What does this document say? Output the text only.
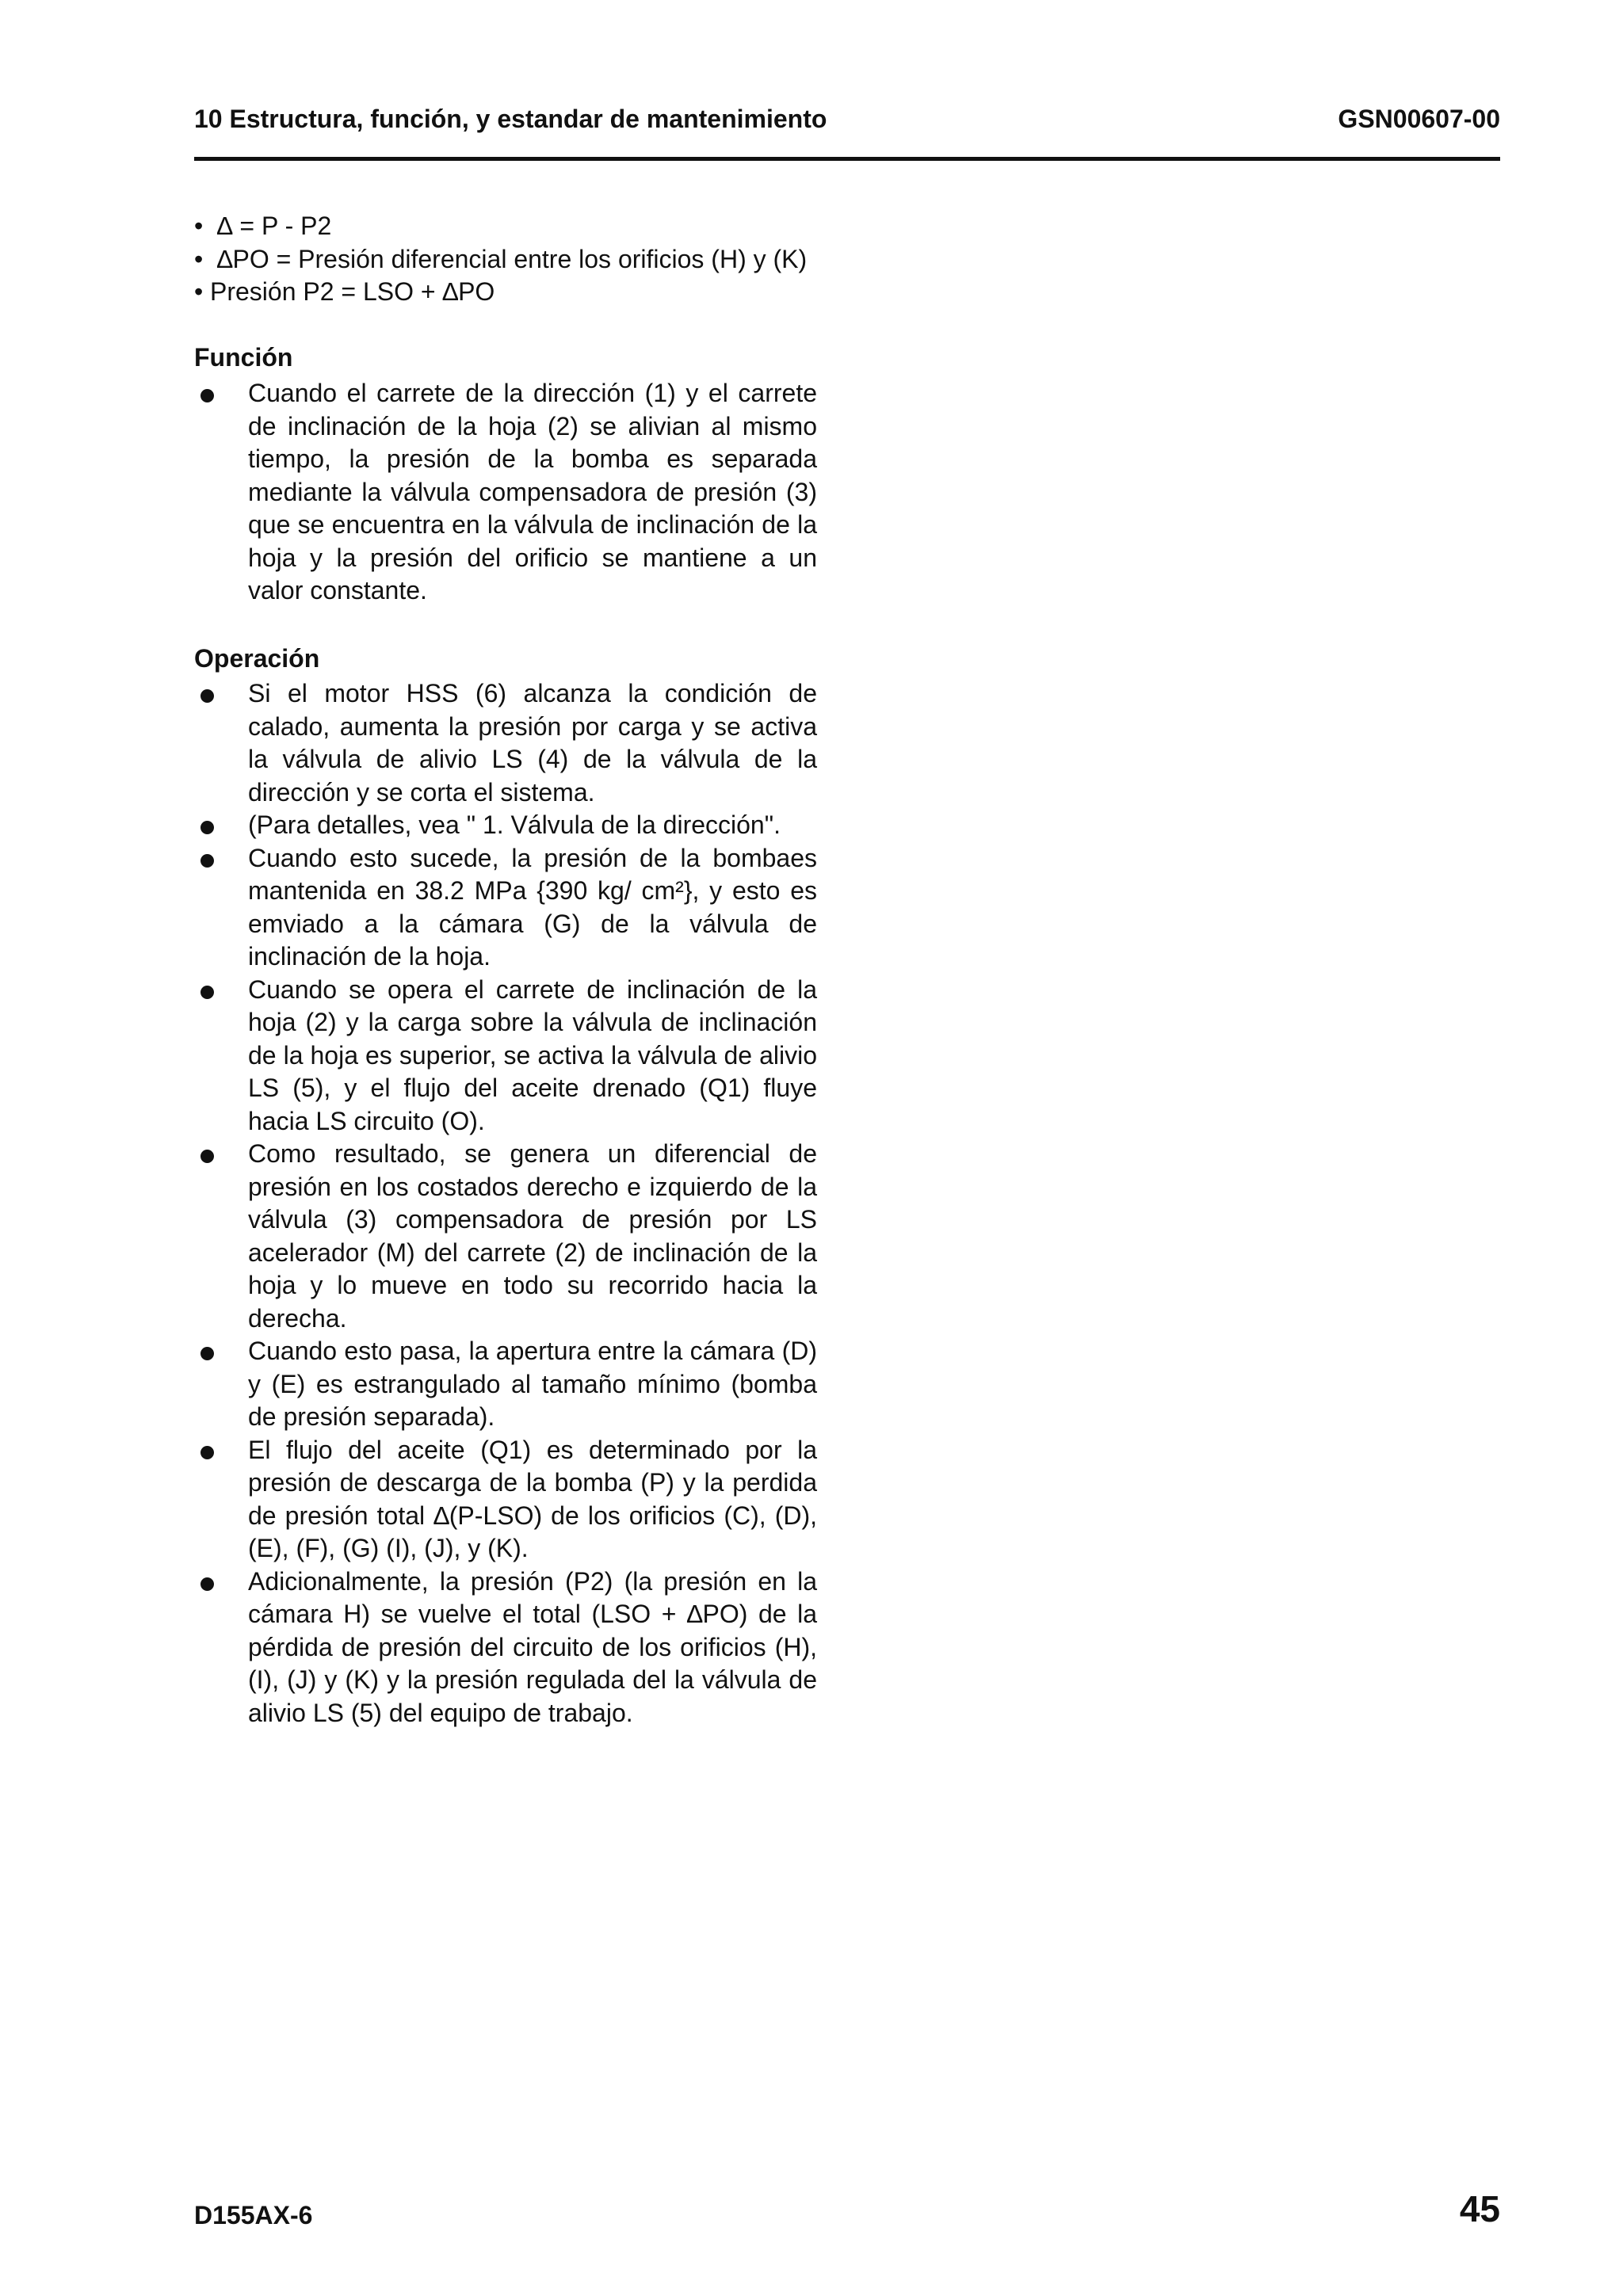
10 Estructura, función, y estandar de mantenimiento	GSN00607-00
• ∆ = P - P2
• ∆PO = Presión diferencial entre los orificios (H) y (K)
• Presión P2 = LSO + ∆PO
Función
Cuando el carrete de la dirección (1) y el carrete de inclinación de la hoja (2) se alivian al mismo tiempo, la presión de la bomba es separada mediante la válvula compensadora de presión (3) que se encuentra en la válvula de inclinación de la hoja y la presión del orificio se mantiene a un valor constante.
Operación
Si el motor HSS (6) alcanza la condición de calado, aumenta la presión por carga y se activa la válvula de alivio LS (4) de la válvula de la dirección y se corta el sistema.
(Para detalles, vea " 1. Válvula de la dirección".
Cuando esto sucede, la presión de la bombaes mantenida en 38.2 MPa {390 kg/ cm²}, y esto es emviado a la cámara (G) de la válvula de inclinación de la hoja.
Cuando se opera el carrete de inclinación de la hoja (2) y la carga sobre la válvula de inclinación de la hoja es superior, se activa la válvula de alivio LS (5), y el flujo del aceite drenado (Q1) fluye hacia LS circuito (O).
Como resultado, se genera un diferencial de presión en los costados derecho e izquierdo de la válvula (3) compensadora de presión por LS acelerador (M) del carrete (2) de inclinación de la hoja y lo mueve en todo su recorrido hacia la derecha.
Cuando esto pasa, la apertura entre la cámara (D) y (E) es estrangulado al tamaño mínimo (bomba de presión separada).
El flujo del aceite (Q1) es determinado por la presión de descarga de la bomba (P) y la perdida de presión total ∆(P-LSO) de los orificios (C), (D), (E), (F), (G) (I), (J), y (K).
Adicionalmente, la presión (P2) (la presión en la cámara H) se vuelve el total (LSO + ∆PO) de la pérdida de presión del circuito de los orificios (H), (I), (J) y (K) y la presión regulada del la válvula de alivio LS (5) del equipo de trabajo.
D155AX-6	45
